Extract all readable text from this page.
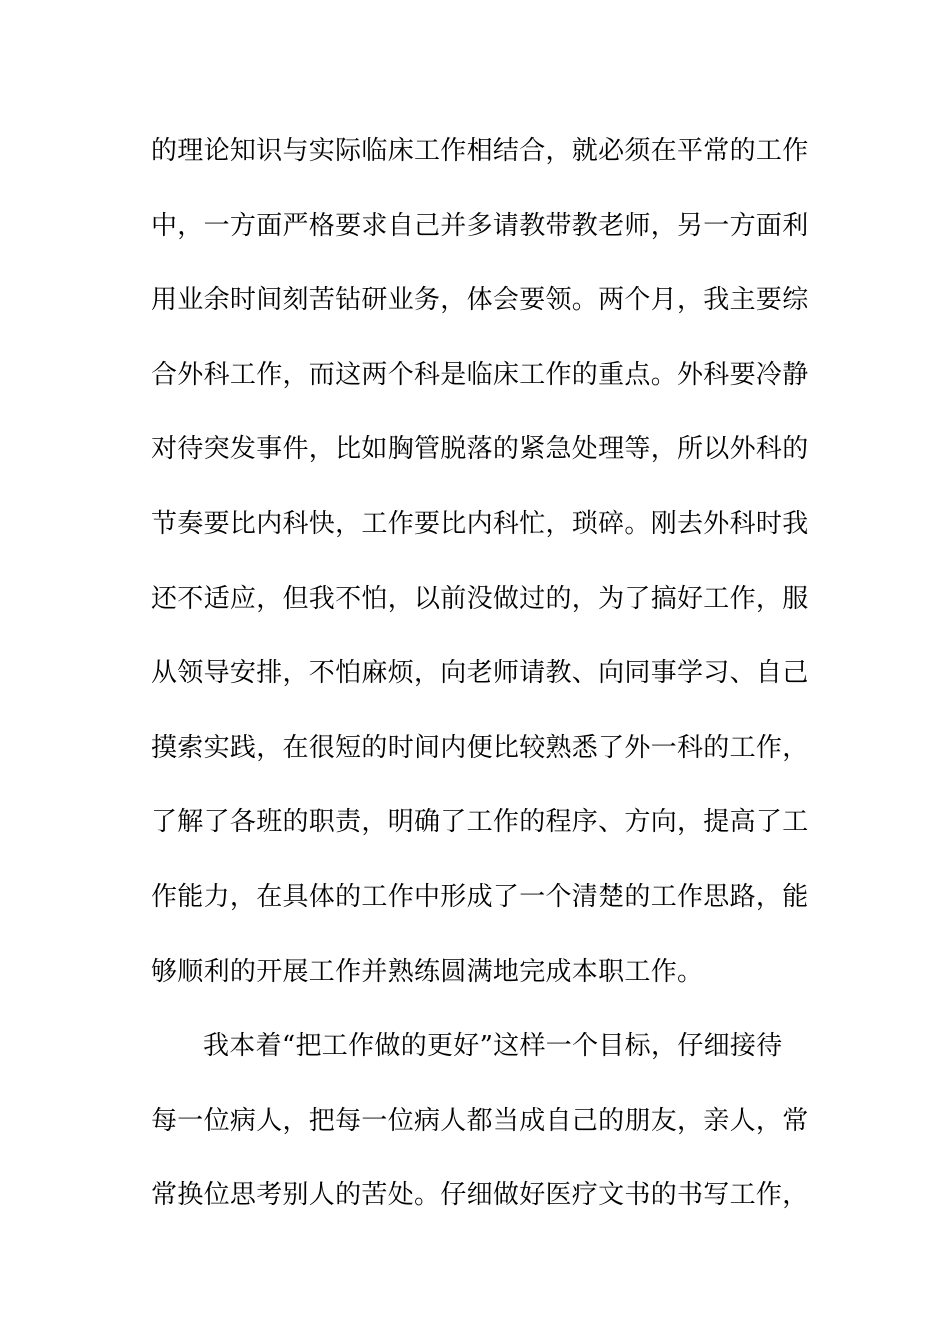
的理论知识与实际临床工作相结合，就必须在平常的工作
中，一方面严格要求自己并多请教带教老师，另一方面利
用业余时间刻苦钻研业务，体会要领。两个月，我主要综
合外科工作，而这两个科是临床工作的重点。外科要冷静
对待突发事件，比如胸管脱落的紧急处理等，所以外科的
节奏要比内科快，工作要比内科忙，琐碎。刚去外科时我
还不适应，但我不怕，以前没做过的，为了搞好工作，服
从领导安排，不怕麻烦，向老师请教、向同事学习、自己
摸索实践，在很短的时间内便比较熟悉了外一科的工作，
了解了各班的职责，明确了工作的程序、方向，提高了工
作能力，在具体的工作中形成了一个清楚的工作思路，能
够顺利的开展工作并熟练圆满地完成本职工作。
我本着“把工作做的更好”这样一个目标，仔细接待
每一位病人，把每一位病人都当成自己的朋友，亲人，常
常换位思考别人的苦处。仔细做好医疗文书的书写工作，
